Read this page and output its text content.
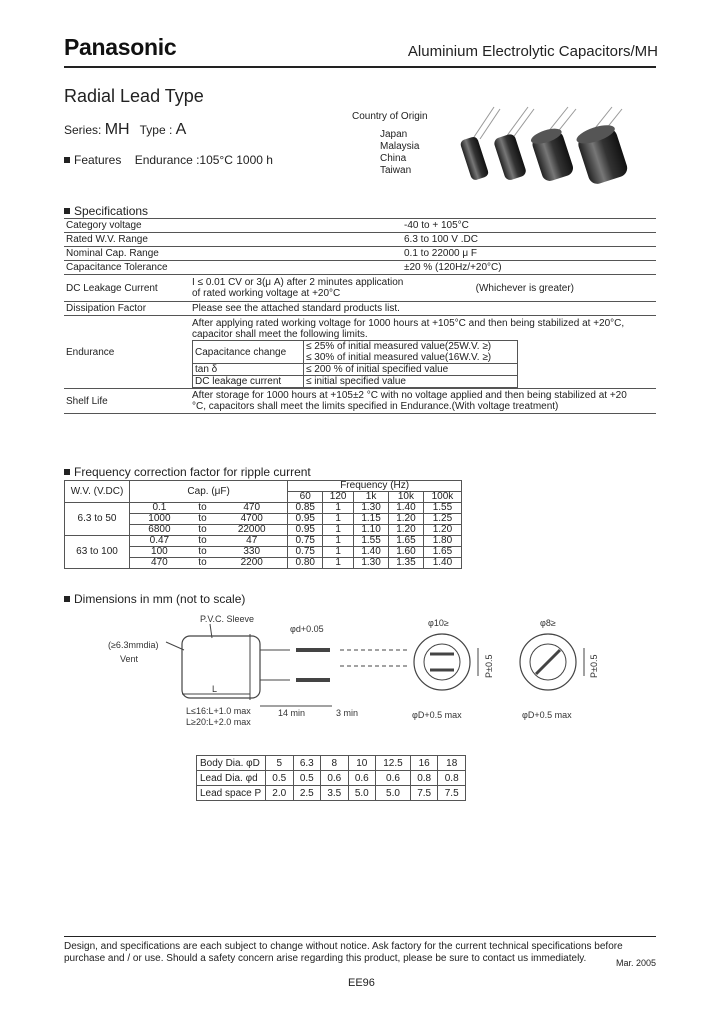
Panasonic	Aluminium Electrolytic Capacitors/MH
Radial Lead Type
Series: MH Type : A
Country of Origin
Japan
Malaysia
China
Taiwan
Features Endurance :105°C 1000 h
Specifications
Category voltage	-40 to + 105°C
Rated W.V. Range	6.3 to 100 V .DC
Nominal Cap. Range	0.1 to 22000 μ F
Capacitance Tolerance	±20 % (120Hz/+20°C)
DC Leakage Current	I ≤ 0.01 CV or 3(μ A) after 2 minutes application
of rated working voltage at +20°C	(Whichever is greater)

Dissipation Factor	Please see the attached standard products list.
Endurance	
After applying rated working voltage for 1000 hours at +105°C and then being stabilized at +20°C, capacitor shall meet the following limits.
Capacitance change	≤ 25% of initial measured value(25W.V. ≥)
≤ 30% of initial measured value(16W.V. ≥)

tan δ	≤ 200 % of initial specified value
DC leakage current	≤ initial specified value

Shelf Life	After storage for 1000 hours at +105±2 °C with no voltage applied and then being stabilized at +20 °C, capacitors shall meet the limits specified in Endurance.(With voltage treatment)
Frequency correction factor for ripple current
W.V. (V.DC)	Cap. (μF)			Frequency (Hz)				
				60	120	1k	10k	100k
6.3 to 50	0.1	to	470	0.85	1	1.30	1.40	1.55
	1000	to	4700	0.95	1	1.15	1.20	1.25
	6800	to	22000	0.95	1	1.10	1.20	1.20
63 to 100	0.47	to	47	0.75	1	1.55	1.65	1.80
	100	to	330	0.75	1	1.40	1.60	1.65
	470	to	2200	0.80	1	1.30	1.35	1.40
Dimensions in mm (not to scale)
P.V.C. Sleeve
(≥6.3mmdia)
Vent
φd+0.05
L
L≤16:L+1.0 max
L≥20:L+2.0 max
14 min	3 min
φ10≥
φD+0.5 max
P±0.5
φ8≥
φD+0.5 max
P±0.5
Body Dia. φD	5	6.3	8	10	12.5	16	18
Lead Dia. φd	0.5	0.5	0.6	0.6	0.6	0.8	0.8
Lead space P	2.0	2.5	3.5	5.0	5.0	7.5	7.5
Design, and specifications are each subject to change without notice. Ask factory for the current technical specifications before purchase and / or use. Should a safety concern arise regarding this product, please be sure to contact us immediately.	Mar. 2005
EE96
